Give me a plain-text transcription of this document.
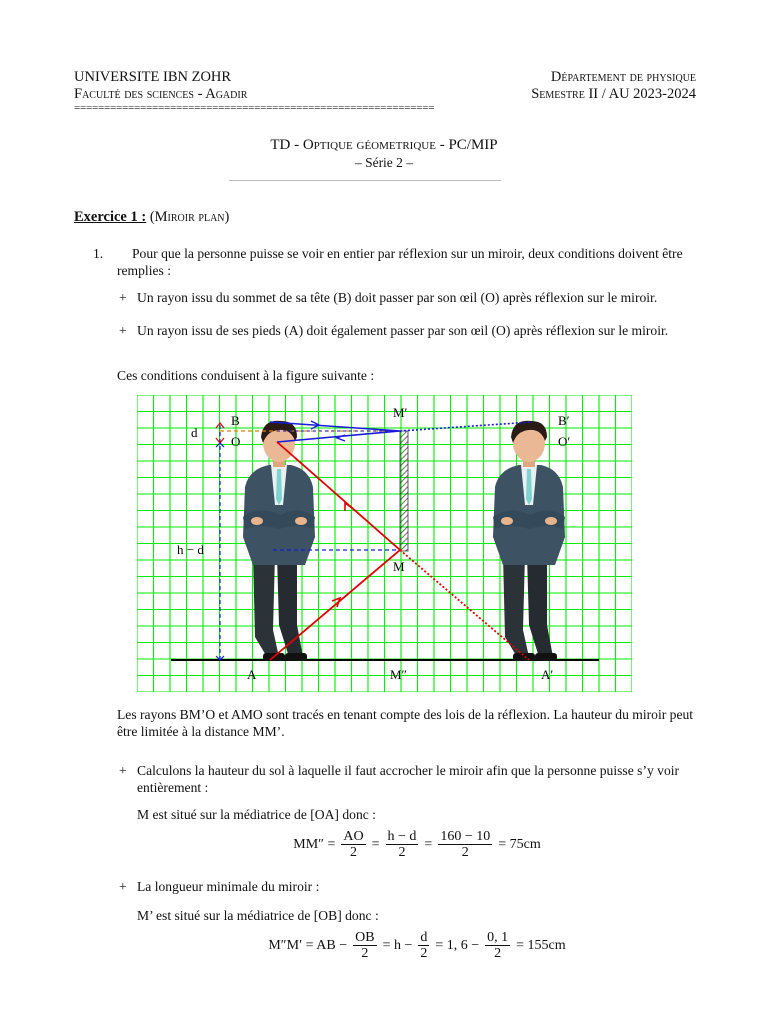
UNIVERSITE IBN ZOHR
Faculté des sciences - Agadir
Département de physique
Semestre II / AU 2023-2024
============================================================
TD - Optique géometrique - PC/MIP
– Série 2 –
Exercice 1 : (Miroir plan)
1.	Pour que la personne puisse se voir en entier par réflexion sur un miroir, deux conditions doivent être remplies :
+ Un rayon issu du sommet de sa tête (B) doit passer par son œil (O) après réflexion sur le miroir.
+ Un rayon issu de ses pieds (A) doit également passer par son œil (O) après réflexion sur le miroir.
Ces conditions conduisent à la figure suivante :
B
O
d
h − d
A
M′
M
M″
B′
O′
A′
Les rayons BM’O et AMO sont tracés en tenant compte des lois de la réflexion. La hauteur du miroir peut être limitée à la distance MM’.
+ Calculons la hauteur du sol à laquelle il faut accrocher le miroir afin que la personne puisse s’y voir entièrement :
M est situé sur la médiatrice de [OA] donc :
$MM'' = \frac{AO}{2} = \frac{h - d}{2} = \frac{160 - 10}{2} = 75cm$
+ La longueur minimale du miroir :
M’ est situé sur la médiatrice de [OB] donc :
M″M′ = AB − $\frac{OB}{2} = h - \frac{d}{2} = 1$, $6 - \frac{0, 1}{2} = 155cm$
